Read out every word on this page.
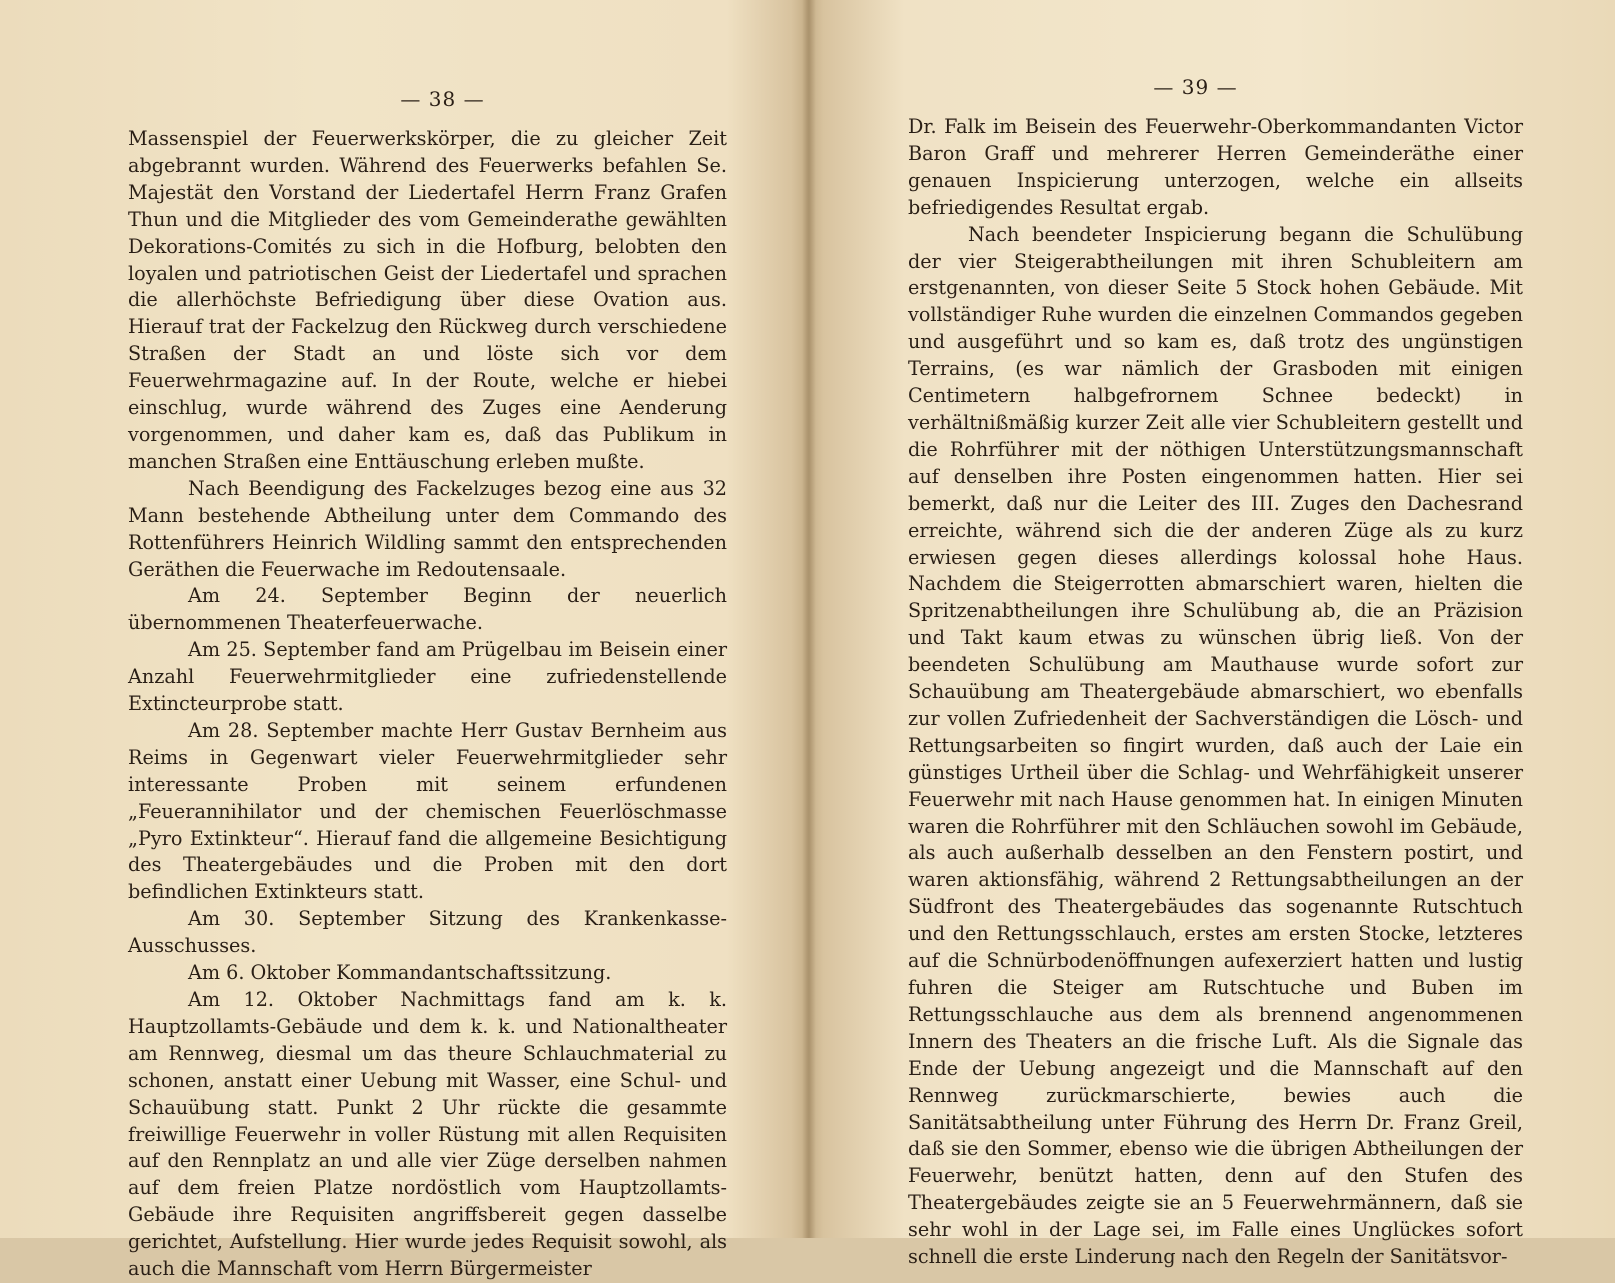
— 38 —

Massenspiel der Feuerwerkskörper, die zu gleicher Zeit abgebrannt wurden. Während des Feuerwerks befahlen Se. Majestät den Vorstand der Liedertafel Herrn Franz Grafen Thun und die Mitglieder des vom Gemeinderathe gewählten Dekorations-Comités zu sich in die Hofburg, belobten den loyalen und patriotischen Geist der Liedertafel und sprachen die allerhöchste Befriedigung über diese Ovation aus. Hierauf trat der Fackelzug den Rückweg durch verschiedene Straßen der Stadt an und löste sich vor dem Feuerwehrmagazine auf. In der Route, welche er hiebei einschlug, wurde während des Zuges eine Aenderung vorgenommen, und daher kam es, daß das Publikum in manchen Straßen eine Enttäuschung erleben mußte.

Nach Beendigung des Fackelzuges bezog eine aus 32 Mann bestehende Abtheilung unter dem Commando des Rottenführers Heinrich Wildling sammt den entsprechenden Geräthen die Feuerwache im Redoutensaale.

Am 24. September Beginn der neuerlich übernommenen Theaterfeuerwache.

Am 25. September fand am Prügelbau im Beisein einer Anzahl Feuerwehrmitglieder eine zufriedenstellende Extincteurprobe statt.

Am 28. September machte Herr Gustav Bernheim aus Reims in Gegenwart vieler Feuerwehrmitglieder sehr interessante Proben mit seinem erfundenen „Feuerannihilator und der chemischen Feuerlöschmasse „Pyro Extinkteur“. Hierauf fand die allgemeine Besichtigung des Theatergebäudes und die Proben mit den dort befindlichen Extinkteurs statt.

Am 30. September Sitzung des Krankenkasse-Ausschusses.

Am 6. Oktober Kommandantschaftssitzung.

Am 12. Oktober Nachmittags fand am k. k. Hauptzollamts-Gebäude und dem k. k. und Nationaltheater am Rennweg, diesmal um das theure Schlauchmaterial zu schonen, anstatt einer Uebung mit Wasser, eine Schul- und Schauübung statt. Punkt 2 Uhr rückte die gesammte freiwillige Feuerwehr in voller Rüstung mit allen Requisiten auf den Rennplatz an und alle vier Züge derselben nahmen auf dem freien Platze nordöstlich vom Hauptzollamts-Gebäude ihre Requisiten angriffsbereit gegen dasselbe gerichtet, Aufstellung. Hier wurde jedes Requisit sowohl, als auch die Mannschaft vom Herrn Bürgermeister

— 39 —

Dr. Falk im Beisein des Feuerwehr-Oberkommandanten Victor Baron Graff und mehrerer Herren Gemeinderäthe einer genauen Inspicierung unterzogen, welche ein allseits befriedigendes Resultat ergab.

Nach beendeter Inspicierung begann die Schulübung der vier Steigerabtheilungen mit ihren Schubleitern am erstgenannten, von dieser Seite 5 Stock hohen Gebäude. Mit vollständiger Ruhe wurden die einzelnen Commandos gegeben und ausgeführt und so kam es, daß trotz des ungünstigen Terrains, (es war nämlich der Grasboden mit einigen Centimetern halbgefrornem Schnee bedeckt) in verhältnißmäßig kurzer Zeit alle vier Schubleitern gestellt und die Rohrführer mit der nöthigen Unterstützungsmannschaft auf denselben ihre Posten eingenommen hatten. Hier sei bemerkt, daß nur die Leiter des III. Zuges den Dachesrand erreichte, während sich die der anderen Züge als zu kurz erwiesen gegen dieses allerdings kolossal hohe Haus. Nachdem die Steigerrotten abmarschiert waren, hielten die Spritzenabtheilungen ihre Schulübung ab, die an Präzision und Takt kaum etwas zu wünschen übrig ließ. Von der beendeten Schulübung am Mauthause wurde sofort zur Schauübung am Theatergebäude abmarschiert, wo ebenfalls zur vollen Zufriedenheit der Sachverständigen die Lösch- und Rettungsarbeiten so fingirt wurden, daß auch der Laie ein günstiges Urtheil über die Schlag- und Wehrfähigkeit unserer Feuerwehr mit nach Hause genommen hat. In einigen Minuten waren die Rohrführer mit den Schläuchen sowohl im Gebäude, als auch außerhalb desselben an den Fenstern postirt, und waren aktionsfähig, während 2 Rettungsabtheilungen an der Südfront des Theatergebäudes das sogenannte Rutschtuch und den Rettungsschlauch, erstes am ersten Stocke, letzteres auf die Schnürbodenöffnungen aufexerziert hatten und lustig fuhren die Steiger am Rutschtuche und Buben im Rettungsschlauche aus dem als brennend angenommenen Innern des Theaters an die frische Luft. Als die Signale das Ende der Uebung angezeigt und die Mannschaft auf den Rennweg zurückmarschierte, bewies auch die Sanitätsabtheilung unter Führung des Herrn Dr. Franz Greil, daß sie den Sommer, ebenso wie die übrigen Abtheilungen der Feuerwehr, benützt hatten, denn auf den Stufen des Theatergebäudes zeigte sie an 5 Feuerwehrmännern, daß sie sehr wohl in der Lage sei, im Falle eines Unglückes sofort schnell die erste Linderung nach den Regeln der Sanitätsvor-
